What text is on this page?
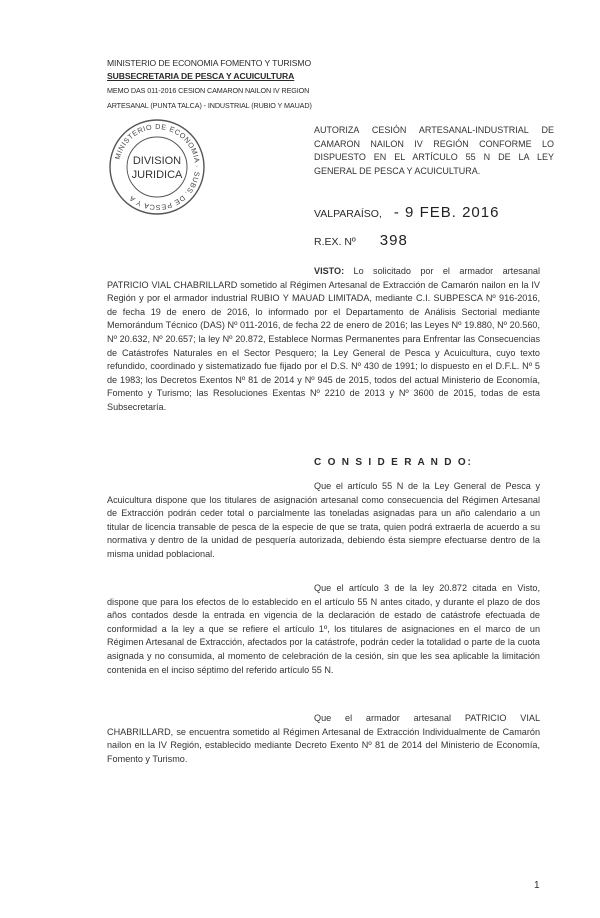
MINISTERIO DE ECONOMIA FOMENTO Y TURISMO
SUBSECRETARIA DE PESCA Y ACUICULTURA
MEMO DAS 011-2016 CESION CAMARON NAILON IV REGION
ARTESANAL (PUNTA TALCA) - INDUSTRIAL (RUBIO Y MAUAD)
MINISTERIO DE ECONOMIA · SUBS. DE PESCA Y A
DIVISION
JURIDICA
AUTORIZA CESIÓN ARTESANAL-INDUSTRIAL DE CAMARON NAILON IV REGIÓN CONFORME LO DISPUESTO EN EL ARTÍCULO 55 N DE LA LEY GENERAL DE PESCA Y ACUICULTURA.
VALPARAÍSO, - 9 FEB. 2016
R.EX. Nº 398
VISTO: Lo solicitado por el armador artesanal PATRICIO VIAL CHABRILLARD sometido al Régimen Artesanal de Extracción de Camarón nailon en la IV Región y por el armador industrial RUBIO Y MAUAD LIMITADA, mediante C.I. SUBPESCA Nº 916-2016, de fecha 19 de enero de 2016, lo informado por el Departamento de Análisis Sectorial mediante Memorándum Técnico (DAS) Nº 011-2016, de fecha 22 de enero de 2016; las Leyes Nº 19.880, Nº 20.560, Nº 20.632, Nº 20.657; la ley Nº 20.872, Establece Normas Permanentes para Enfrentar las Consecuencias de Catástrofes Naturales en el Sector Pesquero; la Ley General de Pesca y Acuicultura, cuyo texto refundido, coordinado y sistematizado fue fijado por el D.S. Nº 430 de 1991; lo dispuesto en el D.F.L. Nº 5 de 1983; los Decretos Exentos Nº 81 de 2014 y Nº 945 de 2015, todos del actual Ministerio de Economía, Fomento y Turismo; las Resoluciones Exentas Nº 2210 de 2013 y Nº 3600 de 2015, todas de esta Subsecretaría.
C O N S I D E R A N D O:
Que el artículo 55 N de la Ley General de Pesca y Acuicultura dispone que los titulares de asignación artesanal como consecuencia del Régimen Artesanal de Extracción podrán ceder total o parcialmente las toneladas asignadas para un año calendario a un titular de licencia transable de pesca de la especie de que se trata, quien podrá extraerla de acuerdo a su normativa y dentro de la unidad de pesquería autorizada, debiendo ésta siempre efectuarse dentro de la misma unidad poblacional.
Que el artículo 3 de la ley 20.872 citada en Visto, dispone que para los efectos de lo establecido en el artículo 55 N antes citado, y durante el plazo de dos años contados desde la entrada en vigencia de la declaración de estado de catástrofe efectuada de conformidad a la ley a que se refiere el artículo 1º, los titulares de asignaciones en el marco de un Régimen Artesanal de Extracción, afectados por la catástrofe, podrán ceder la totalidad o parte de la cuota asignada y no consumida, al momento de celebración de la cesión, sin que les sea aplicable la limitación contenida en el inciso séptimo del referido artículo 55 N.
Que el armador artesanal PATRICIO VIAL CHABRILLARD, se encuentra sometido al Régimen Artesanal de Extracción Individualmente de Camarón nailon en la IV Región, establecido mediante Decreto Exento Nº 81 de 2014 del Ministerio de Economía, Fomento y Turismo.
1
